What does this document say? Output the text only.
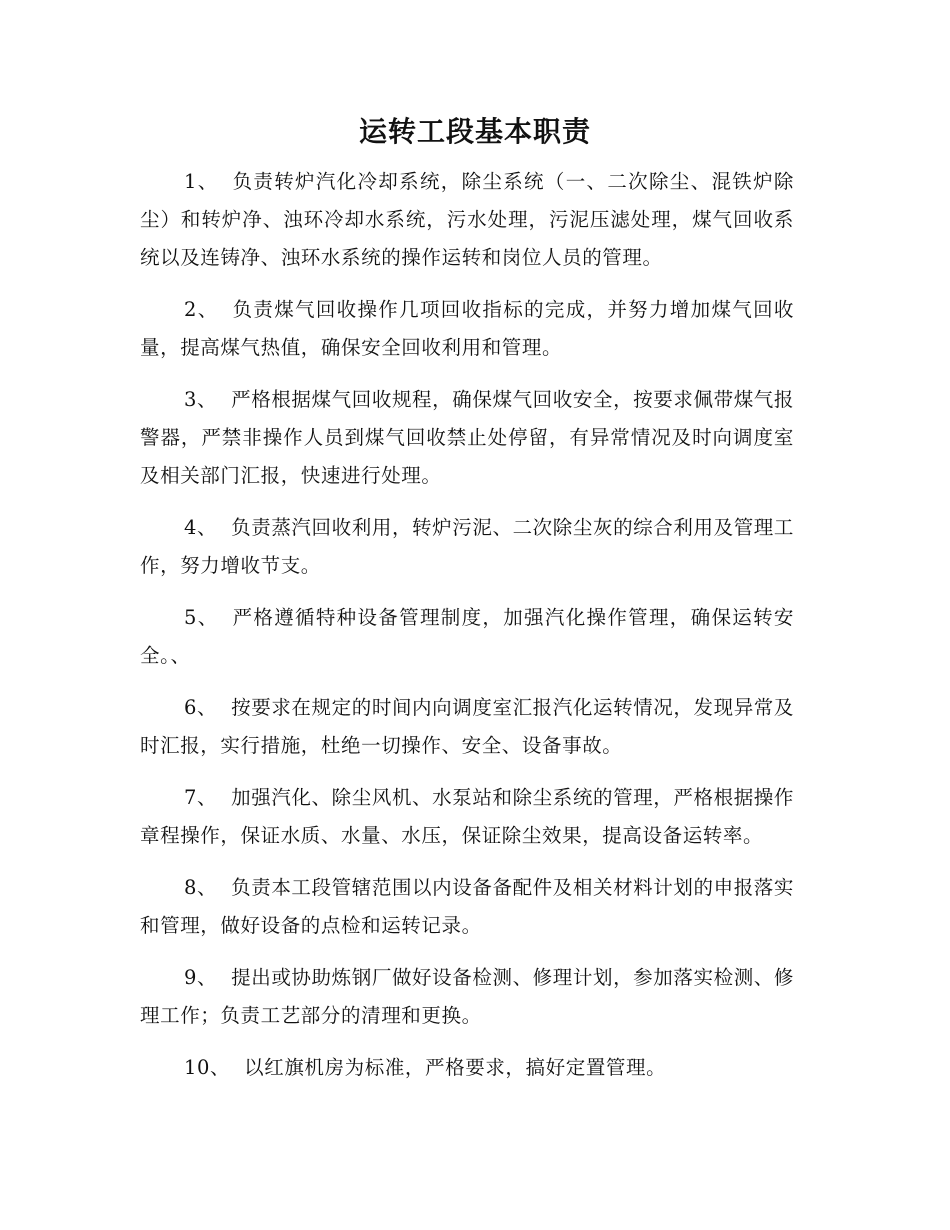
运转工段基本职责

1、 负责转炉汽化冷却系统，除尘系统（一、二次除尘、混铁炉除尘）和转炉净、浊环冷却水系统，污水处理，污泥压滤处理，煤气回收系统以及连铸净、浊环水系统的操作运转和岗位人员的管理。

2、 负责煤气回收操作几项回收指标的完成，并努力增加煤气回收量，提高煤气热值，确保安全回收利用和管理。

3、 严格根据煤气回收规程，确保煤气回收安全，按要求佩带煤气报警器，严禁非操作人员到煤气回收禁止处停留，有异常情况及时向调度室及相关部门汇报，快速进行处理。

4、 负责蒸汽回收利用，转炉污泥、二次除尘灰的综合利用及管理工作，努力增收节支。

5、 严格遵循特种设备管理制度，加强汽化操作管理，确保运转安全。、

6、 按要求在规定的时间内向调度室汇报汽化运转情况，发现异常及时汇报，实行措施，杜绝一切操作、安全、设备事故。

7、 加强汽化、除尘风机、水泵站和除尘系统的管理，严格根据操作章程操作，保证水质、水量、水压，保证除尘效果，提高设备运转率。

8、 负责本工段管辖范围以内设备备配件及相关材料计划的申报落实和管理，做好设备的点检和运转记录。

9、 提出或协助炼钢厂做好设备检测、修理计划，参加落实检测、修理工作；负责工艺部分的清理和更换。

10、 以红旗机房为标准，严格要求，搞好定置管理。
